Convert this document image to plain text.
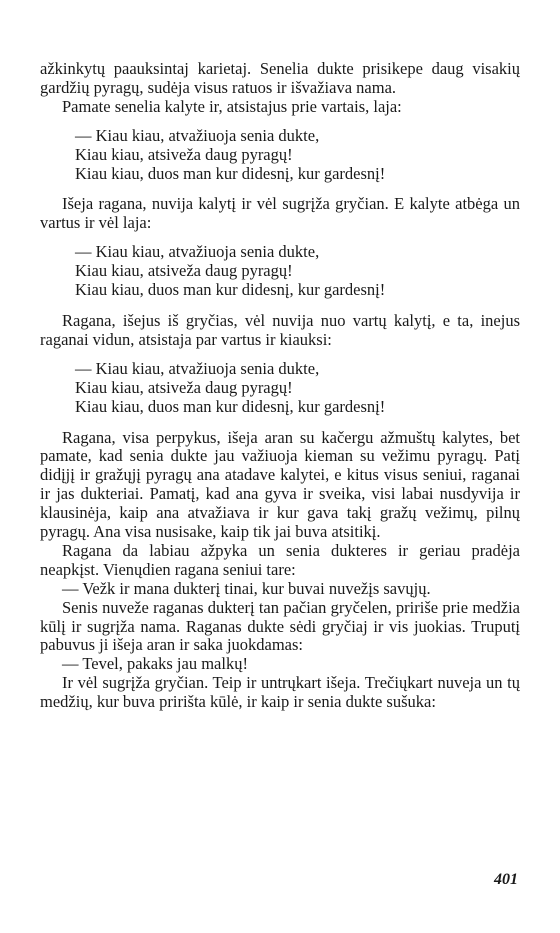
ažkinkytų paauksintaj karietaj. Senelia dukte prisikepe daug visakių gardžių pyragų, sudėja visus ratuos ir išvažiava nama.

Pamate senelia kalyte ir, atsistajus prie vartais, laja:

— Kiau kiau, atvažiuoja senia dukte,
Kiau kiau, atsiveža daug pyragų!
Kiau kiau, duos man kur didesnį, kur gardesnį!

Išeja ragana, nuvija kalytį ir vėl sugrįža gryčian. E kalyte atbėga un vartus ir vėl laja:

— Kiau kiau, atvažiuoja senia dukte,
Kiau kiau, atsiveža daug pyragų!
Kiau kiau, duos man kur didesnį, kur gardesnį!

Ragana, išejus iš gryčias, vėl nuvija nuo vartų kalytį, e ta, inejus raganai vidun, atsistaja par vartus ir kiauksi:

— Kiau kiau, atvažiuoja senia dukte,
Kiau kiau, atsiveža daug pyragų!
Kiau kiau, duos man kur didesnį, kur gardesnį!

Ragana, visa perpykus, išeja aran su kačergu ažmuštų kalytes, bet pamate, kad senia dukte jau važiuoja kieman su vežimu pyragų. Patį didįjį ir gražųjį pyragų ana atadave kalytei, e kitus visus seniui, raganai ir jas dukteriai. Pamatį, kad ana gyva ir sveika, visi labai nusdyvija ir klausinėja, kaip ana atvažiava ir kur gava takį gražų vežimų, pilnų pyragų. Ana visa nusisake, kaip tik jai buva atsitikį.

Ragana da labiau ažpyka un senia dukteres ir geriau pradėja neapkįst. Vienųdien ragana seniui tare:

— Vežk ir mana dukterį tinai, kur buvai nuvežįs savųjų.

Senis nuveže raganas dukterį tan pačian gryčelen, pririše prie medžia kūlį ir sugrįža nama. Raganas dukte sėdi gryčiaj ir vis juokias. Truputį pabuvus ji išeja aran ir saka juokdamas:

— Tevel, pakaks jau malkų!

Ir vėl sugrįža gryčian. Teip ir untrųkart išeja. Trečiųkart nuveja un tų medžių, kur buva pririšta kūlė, ir kaip ir senia dukte sušuka:

401
